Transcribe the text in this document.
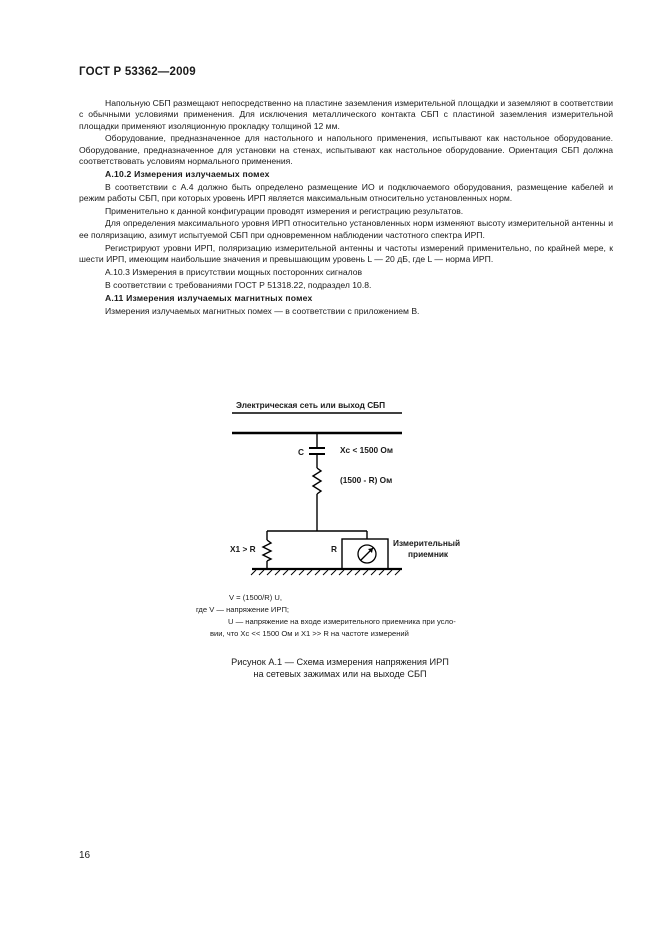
ГОСТ Р 53362—2009

Напольную СБП размещают непосредственно на пластине заземления измерительной площадки и заземляют в соответствии с обычными условиями применения. Для исключения металлического контакта СБП с пластиной заземления измерительной площадки применяют изоляционную прокладку толщиной 12 мм.

Оборудование, предназначенное для настольного и напольного применения, испытывают как настольное оборудование. Оборудование, предназначенное для установки на стенах, испытывают как настольное оборудование. Ориентация СБП должна соответствовать условиям нормального применения.

A.10.2 Измерения излучаемых помех

В соответствии с А.4 должно быть определено размещение ИО и подключаемого оборудования, размещение кабелей и режим работы СБП, при которых уровень ИРП является максимальным относительно установленных норм.

Применительно к данной конфигурации проводят измерения и регистрацию результатов.

Для определения максимального уровня ИРП относительно установленных норм изменяют высоту измерительной антенны и ее поляризацию, азимут испытуемой СБП при одновременном наблюдении частотного спектра ИРП.

Регистрируют уровни ИРП, поляризацию измерительной антенны и частоты измерений применительно, по крайней мере, к шести ИРП, имеющим наибольшие значения и превышающим уровень L — 20 дБ, где L — норма ИРП.

А.10.3 Измерения в присутствии мощных посторонних сигналов

В соответствии с требованиями ГОСТ Р 51318.22, подраздел 10.8.

A.11 Измерения излучаемых магнитных помех

Измерения излучаемых магнитных помех — в соответствии с приложением В.

Электрическая сеть или выход СБП
C	Xc < 1500 Ом
(1500 - R) Ом
X1 > R	R
Измерительный
приемник
V = (1500/R) U,
где V — напряжение ИРП;
U — напряжение на входе измерительного приемника при усло-
вии, что Xc << 1500 Ом и X1 >> R на частоте измерений
Рисунок А.1 — Схема измерения напряжения ИРП
на сетевых зажимах или на выходе СБП
16
